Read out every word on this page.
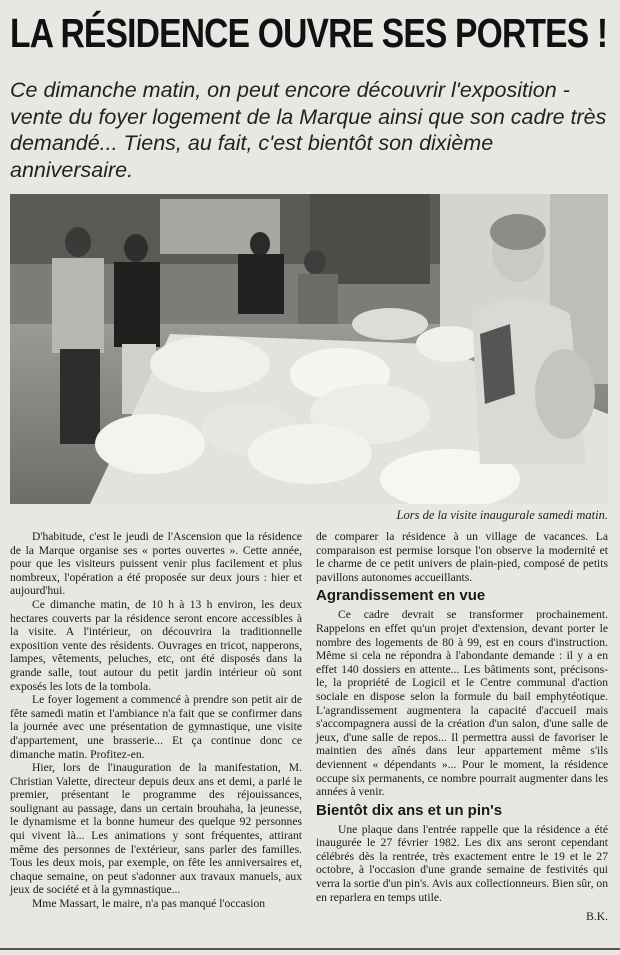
LA RÉSIDENCE OUVRE SES PORTES !
Ce dimanche matin, on peut encore découvrir l'exposition - vente du foyer logement de la Marque ainsi que son cadre très demandé... Tiens, au fait, c'est bientôt son dixième anniversaire.
Lors de la visite inaugurale samedi matin.

D'habitude, c'est le jeudi de l'Ascension que la résidence de la Marque organise ses « portes ouvertes ». Cette année, pour que les visiteurs puissent venir plus facilement et plus nombreux, l'opération a été proposée sur deux jours : hier et aujourd'hui.

Ce dimanche matin, de 10 h à 13 h environ, les deux hectares couverts par la résidence seront encore accessibles à la visite. A l'intérieur, on découvrira la traditionnelle exposition vente des résidents. Ouvrages en tricot, napperons, lampes, vêtements, peluches, etc, ont été disposés dans la grande salle, tout autour du petit jardin intérieur où sont exposés les lots de la tombola.

Le foyer logement a commencé à prendre son petit air de fête samedi matin et l'ambiance n'a fait que se confirmer dans la journée avec une présentation de gymnastique, une visite d'appartement, une brasserie... Et ça continue donc ce dimanche matin. Profitez-en.

Hier, lors de l'inauguration de la manifestation, M. Christian Valette, directeur depuis deux ans et demi, a parlé le premier, présentant le programme des réjouissances, soulignant au passage, dans un certain brouhaha, la jeunesse, le dynamisme et la bonne humeur des quelque 92 personnes qui vivent là... Les animations y sont fréquentes, attirant même des personnes de l'extérieur, sans parler des familles. Tous les deux mois, par exemple, on fête les anniversaires et, chaque semaine, on peut s'adonner aux travaux manuels, aux jeux de société et à la gymnastique...

Mme Massart, le maire, n'a pas manqué l'occasion

de comparer la résidence à un village de vacances. La comparaison est permise lorsque l'on observe la modernité et le charme de ce petit univers de plain-pied, composé de petits pavillons autonomes accueillants.

Agrandissement en vue

Ce cadre devrait se transformer prochainement. Rappelons en effet qu'un projet d'extension, devant porter le nombre des logements de 80 à 99, est en cours d'instruction. Même si cela ne répondra à l'abondante demande : il y a en effet 140 dossiers en attente... Les bâtiments sont, précisons-le, la propriété de Logicil et le Centre communal d'action sociale en dispose selon la formule du bail emphytéotique. L'agrandissement augmentera la capacité d'accueil mais s'accompagnera aussi de la création d'un salon, d'une salle de jeux, d'une salle de repos... Il permettra aussi de favoriser le maintien des aînés dans leur appartement même s'ils deviennent « dépendants »... Pour le moment, la résidence occupe six permanents, ce nombre pourrait augmenter dans les années à venir.

Bientôt dix ans et un pin's

Une plaque dans l'entrée rappelle que la résidence a été inaugurée le 27 février 1982. Les dix ans seront cependant célébrés dès la rentrée, très exactement entre le 19 et le 27 octobre, à l'occasion d'une grande semaine de festivités qui verra la sortie d'un pin's. Avis aux collectionneurs. Bien sûr, on en reparlera en temps utile.

B.K.
